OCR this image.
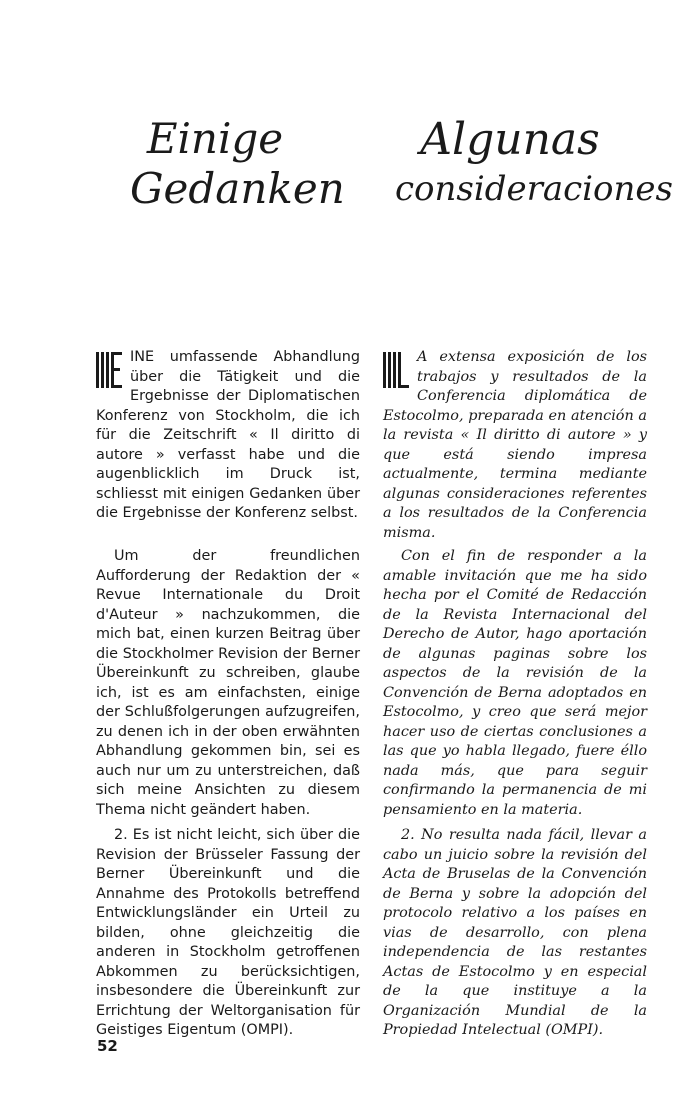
Einige
Gedanken
Algunas
consideraciones

INE umfassende Abhandlung über die Tätigkeit und die Ergebnisse der Diplomatischen Konferenz von Stockholm, die ich für die Zeitschrift « Il diritto di autore » verfasst habe und die augenblicklich im Druck ist, schliesst mit einigen Gedanken über die Ergebnisse der Konferenz selbst.

Um der freundlichen Aufforderung der Redaktion der « Revue Internationale du Droit d'Auteur » nachzukommen, die mich bat, einen kurzen Beitrag über die Stockholmer Revision der Berner Übereinkunft zu schreiben, glaube ich, ist es am einfachsten, einige der Schlußfolgerungen aufzugreifen, zu denen ich in der oben erwähnten Abhandlung gekommen bin, sei es auch nur um zu unterstreichen, daß sich meine Ansichten zu diesem Thema nicht geändert haben.

2. Es ist nicht leicht, sich über die Revision der Brüsseler Fassung der Berner Übereinkunft und die Annahme des Protokolls betreffend Entwicklungsländer ein Urteil zu bilden, ohne gleichzeitig die anderen in Stockholm getroffenen Abkommen zu berücksichtigen, insbesondere die Übereinkunft zur Errichtung der Weltorganisation für Geistiges Eigentum (OMPI).

A extensa exposición de los trabajos y resultados de la Conferencia diplomática de Estocolmo, preparada en atención a la revista « Il diritto di autore » y que está siendo impresa actualmente, termina mediante algunas consideraciones referentes a los resultados de la Conferencia misma.

Con el fin de responder a la amable invitación que me ha sido hecha por el Comité de Redacción de la Revista Internacional del Derecho de Autor, hago aportación de algunas paginas sobre los aspectos de la revisión de la Convención de Berna adoptados en Estocolmo, y creo que será mejor hacer uso de ciertas conclusiones a las que yo habla llegado, fuere éllo nada más, que para seguir confirmando la permanencia de mi pensamiento en la materia.

2. No resulta nada fácil, llevar a cabo un juicio sobre la revisión del Acta de Bruselas de la Convención de Berna y sobre la adopción del protocolo relativo a los países en vias de desarrollo, con plena independencia de las restantes Actas de Estocolmo y en especial de la que instituye a la Organización Mundial de la Propiedad Intelectual (OMPI).

52
